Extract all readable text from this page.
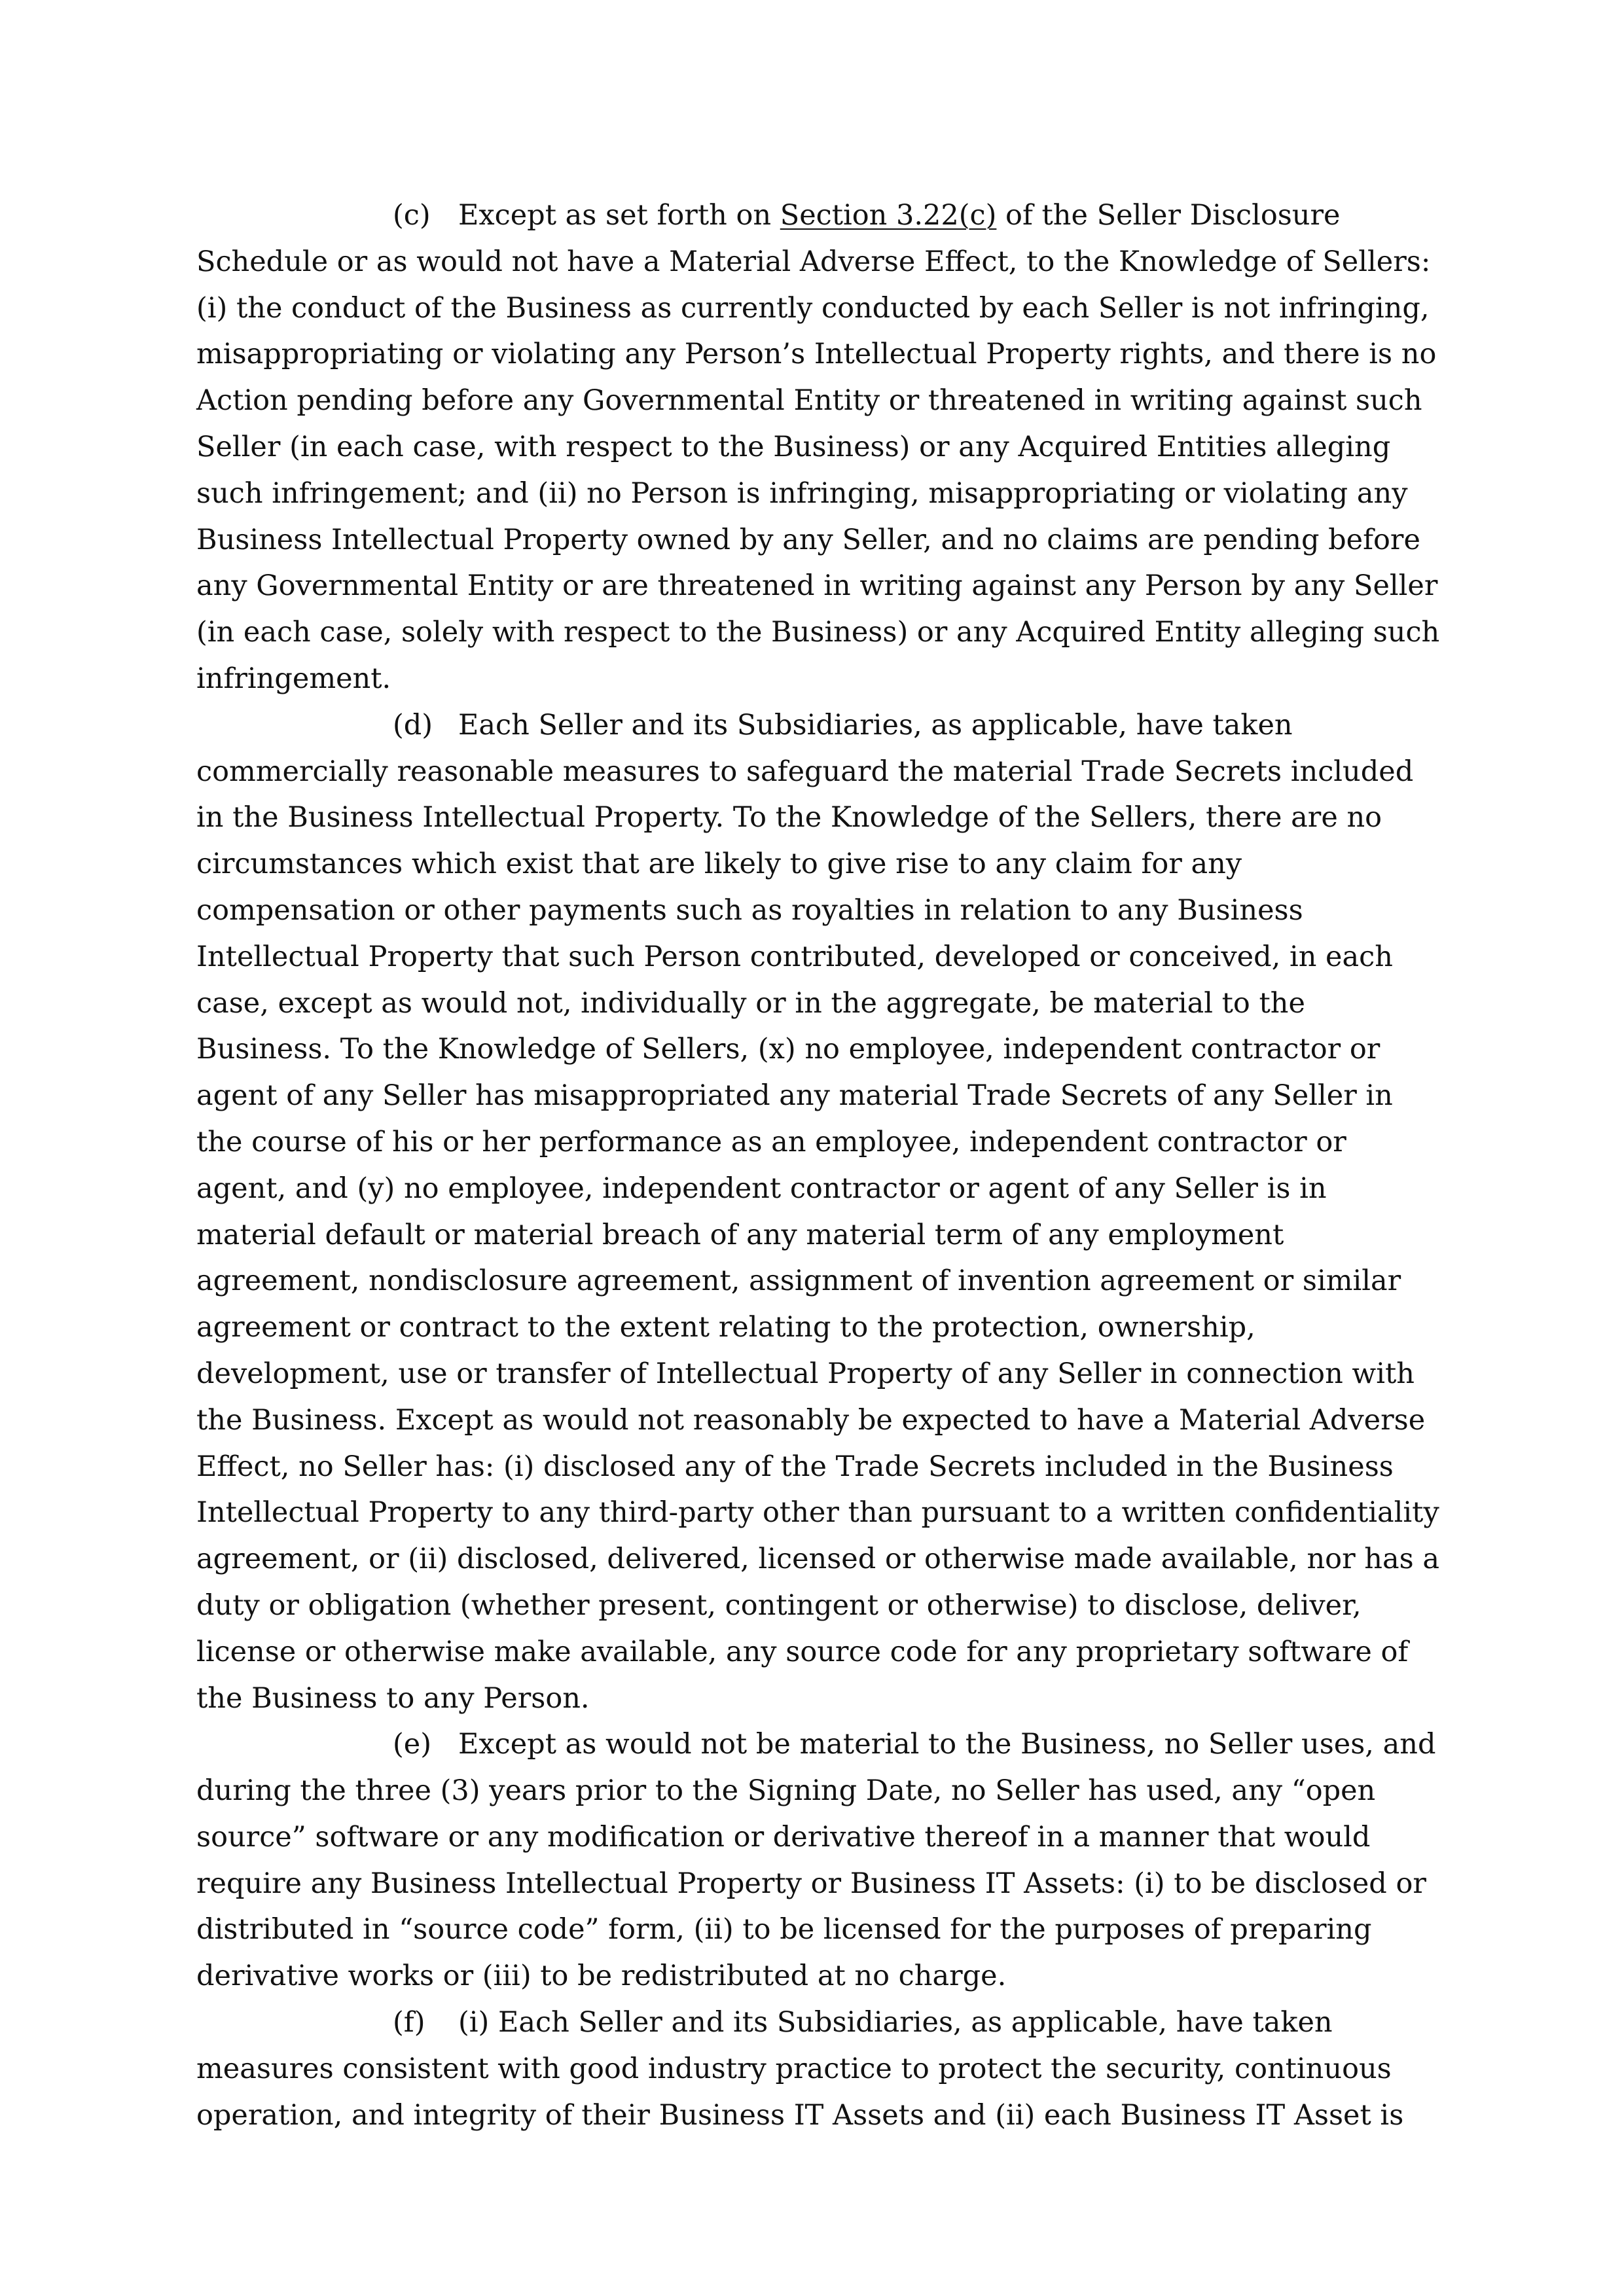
(c) Except as set forth on Section 3.22(c) of the Seller Disclosure Schedule or as would not have a Material Adverse Effect, to the Knowledge of Sellers: (i) the conduct of the Business as currently conducted by each Seller is not infringing, misappropriating or violating any Person’s Intellectual Property rights, and there is no Action pending before any Governmental Entity or threatened in writing against such Seller (in each case, with respect to the Business) or any Acquired Entities alleging such infringement; and (ii) no Person is infringing, misappropriating or violating any Business Intellectual Property owned by any Seller, and no claims are pending before any Governmental Entity or are threatened in writing against any Person by any Seller (in each case, solely with respect to the Business) or any Acquired Entity alleging such infringement.

(d) Each Seller and its Subsidiaries, as applicable, have taken commercially reasonable measures to safeguard the material Trade Secrets included in the Business Intellectual Property. To the Knowledge of the Sellers, there are no circumstances which exist that are likely to give rise to any claim for any compensation or other payments such as royalties in relation to any Business Intellectual Property that such Person contributed, developed or conceived, in each case, except as would not, individually or in the aggregate, be material to the Business. To the Knowledge of Sellers, (x) no employee, independent contractor or agent of any Seller has misappropriated any material Trade Secrets of any Seller in the course of his or her performance as an employee, independent contractor or agent, and (y) no employee, independent contractor or agent of any Seller is in material default or material breach of any material term of any employment agreement, nondisclosure agreement, assignment of invention agreement or similar agreement or contract to the extent relating to the protection, ownership, development, use or transfer of Intellectual Property of any Seller in connection with the Business. Except as would not reasonably be expected to have a Material Adverse Effect, no Seller has: (i) disclosed any of the Trade Secrets included in the Business Intellectual Property to any third-party other than pursuant to a written confidentiality agreement, or (ii) disclosed, delivered, licensed or otherwise made available, nor has a duty or obligation (whether present, contingent or otherwise) to disclose, deliver, license or otherwise make available, any source code for any proprietary software of the Business to any Person.

(e) Except as would not be material to the Business, no Seller uses, and during the three (3) years prior to the Signing Date, no Seller has used, any “open source” software or any modification or derivative thereof in a manner that would require any Business Intellectual Property or Business IT Assets: (i) to be disclosed or distributed in “source code” form, (ii) to be licensed for the purposes of preparing derivative works or (iii) to be redistributed at no charge.

(f) (i) Each Seller and its Subsidiaries, as applicable, have taken measures consistent with good industry practice to protect the security, continuous operation, and integrity of their Business IT Assets and (ii) each Business IT Asset is
